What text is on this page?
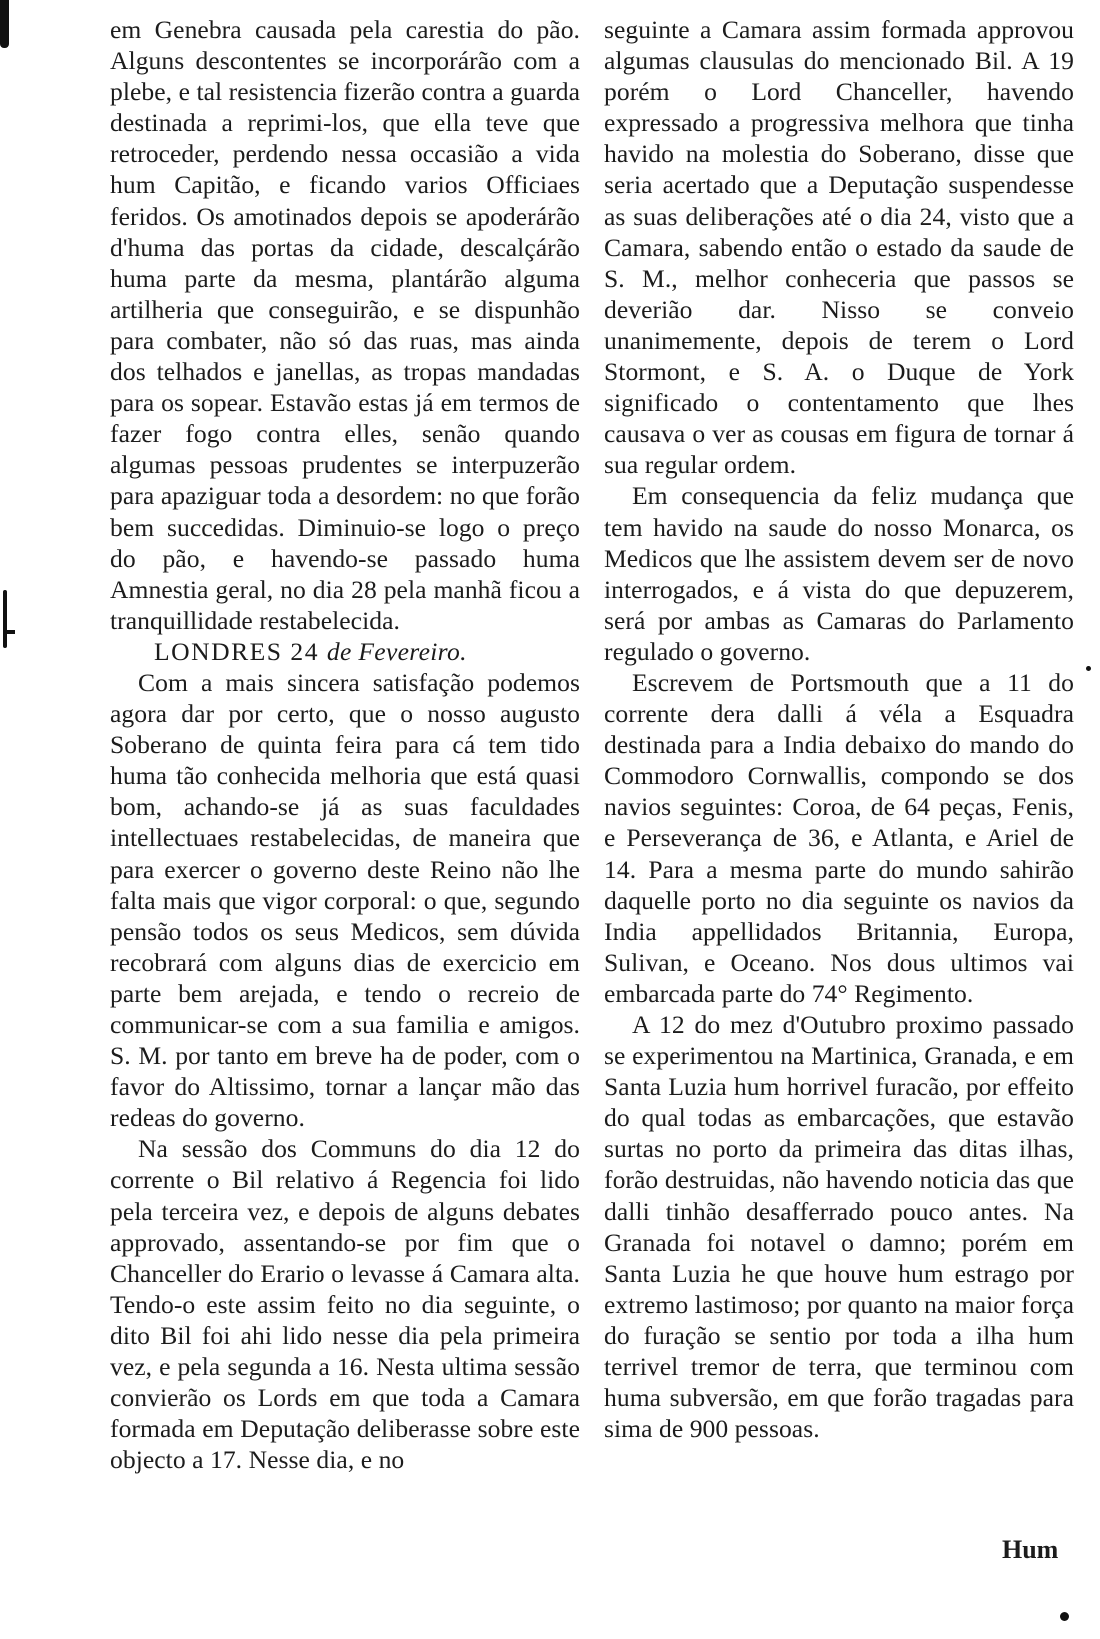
em Genebra causada pela carestia do pão. Alguns descontentes se incorporárão com a plebe, e tal resistencia fizerão contra a guarda destinada a reprimi-los, que ella teve que retroceder, perdendo nessa occasião a vida hum Capitão, e ficando varios Officiaes feridos. Os amotinados depois se apoderárão d'huma das portas da cidade, descalçárão huma parte da mesma, plantárão alguma artilheria que conseguirão, e se dispunhão para combater, não só das ruas, mas ainda dos telhados e janellas, as tropas mandadas para os sopear. Estavão estas já em termos de fazer fogo contra elles, senão quando algumas pessoas prudentes se interpuzerão para apaziguar toda a desordem: no que forão bem succedidas. Diminuio-se logo o preço do pão, e havendo-se passado huma Amnestia geral, no dia 28 pela manhã ficou a tranquillidade restabelecida.

LONDRES 24 de Fevereiro.

Com a mais sincera satisfação podemos agora dar por certo, que o nosso augusto Soberano de quinta feira para cá tem tido huma tão conhecida melhoria que está quasi bom, achando-se já as suas faculdades intellectuaes restabelecidas, de maneira que para exercer o governo deste Reino não lhe falta mais que vigor corporal: o que, segundo pensão todos os seus Medicos, sem dúvida recobrará com alguns dias de exercicio em parte bem arejada, e tendo o recreio de communicar-se com a sua familia e amigos. S. M. por tanto em breve ha de poder, com o favor do Altissimo, tornar a lançar mão das redeas do governo.

Na sessão dos Communs do dia 12 do corrente o Bil relativo á Regencia foi lido pela terceira vez, e depois de alguns debates approvado, assentando-se por fim que o Chanceller do Erario o levasse á Camara alta. Tendo-o este assim feito no dia seguinte, o dito Bil foi ahi lido nesse dia pela primeira vez, e pela segunda a 16. Nesta ultima sessão convierão os Lords em que toda a Camara formada em Deputação deliberasse sobre este objecto a 17. Nesse dia, e no

seguinte a Camara assim formada approvou algumas clausulas do mencionado Bil. A 19 porém o Lord Chanceller, havendo expressado a progressiva melhora que tinha havido na molestia do Soberano, disse que seria acertado que a Deputação suspendesse as suas deliberações até o dia 24, visto que a Camara, sabendo então o estado da saude de S. M., melhor conheceria que passos se deverião dar. Nisso se conveio unanimemente, depois de terem o Lord Stormont, e S. A. o Duque de York significado o contentamento que lhes causava o ver as cousas em figura de tornar á sua regular ordem.

Em consequencia da feliz mudança que tem havido na saude do nosso Monarca, os Medicos que lhe assistem devem ser de novo interrogados, e á vista do que depuzerem, será por ambas as Camaras do Parlamento regulado o governo.

Escrevem de Portsmouth que a 11 do corrente dera dalli á véla a Esquadra destinada para a India debaixo do mando do Commodoro Cornwallis, compondo se dos navios seguintes: Coroa, de 64 peças, Fenis, e Perseverança de 36, e Atlanta, e Ariel de 14. Para a mesma parte do mundo sahirão daquelle porto no dia seguinte os navios da India appellidados Britannia, Europa, Sulivan, e Oceano. Nos dous ultimos vai embarcada parte do 74° Regimento.

A 12 do mez d'Outubro proximo passado se experimentou na Martinica, Granada, e em Santa Luzia hum horrivel furacão, por effeito do qual todas as embarcações, que estavão surtas no porto da primeira das ditas ilhas, forão destruidas, não havendo noticia das que dalli tinhão desafferrado pouco antes. Na Granada foi notavel o damno; porém em Santa Luzia he que houve hum estrago por extremo lastimoso; por quanto na maior força do furação se sentio por toda a ilha hum terrivel tremor de terra, que terminou com huma subversão, em que forão tragadas para sima de 900 pessoas.

Hum
